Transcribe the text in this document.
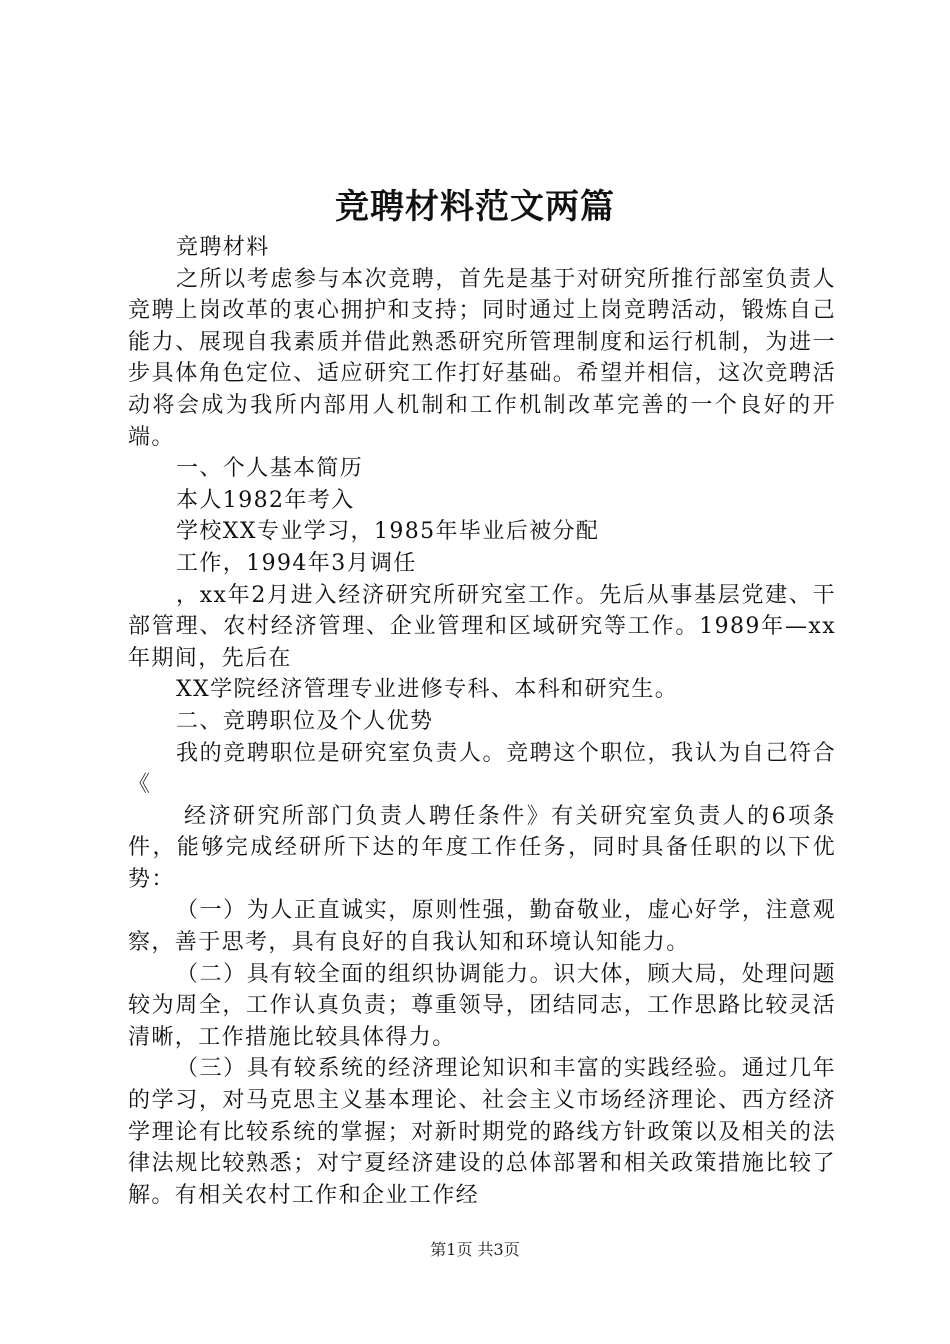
竞聘材料范文两篇

竞聘材料

之所以考虑参与本次竞聘，首先是基于对研究所推行部室负责人竞聘上岗改革的衷心拥护和支持；同时通过上岗竞聘活动，锻炼自己能力、展现自我素质并借此熟悉研究所管理制度和运行机制，为进一步具体角色定位、适应研究工作打好基础。希望并相信，这次竞聘活动将会成为我所内部用人机制和工作机制改革完善的一个良好的开端。

一、个人基本简历

本人1982年考入

学校XX专业学习，1985年毕业后被分配

工作，1994年3月调任

，xx年2月进入经济研究所研究室工作。先后从事基层党建、干部管理、农村经济管理、企业管理和区域研究等工作。1989年—xx年期间，先后在

XX学院经济管理专业进修专科、本科和研究生。

二、竞聘职位及个人优势

我的竞聘职位是研究室负责人。竞聘这个职位，我认为自己符合《

经济研究所部门负责人聘任条件》有关研究室负责人的6项条件，能够完成经研所下达的年度工作任务，同时具备任职的以下优势：

（一）为人正直诚实，原则性强，勤奋敬业，虚心好学，注意观察，善于思考，具有良好的自我认知和环境认知能力。

（二）具有较全面的组织协调能力。识大体，顾大局，处理问题较为周全，工作认真负责；尊重领导，团结同志，工作思路比较灵活清晰，工作措施比较具体得力。

（三）具有较系统的经济理论知识和丰富的实践经验。通过几年的学习，对马克思主义基本理论、社会主义市场经济理论、西方经济学理论有比较系统的掌握；对新时期党的路线方针政策以及相关的法律法规比较熟悉；对宁夏经济建设的总体部署和相关政策措施比较了解。有相关农村工作和企业工作经

第1页 共3页
